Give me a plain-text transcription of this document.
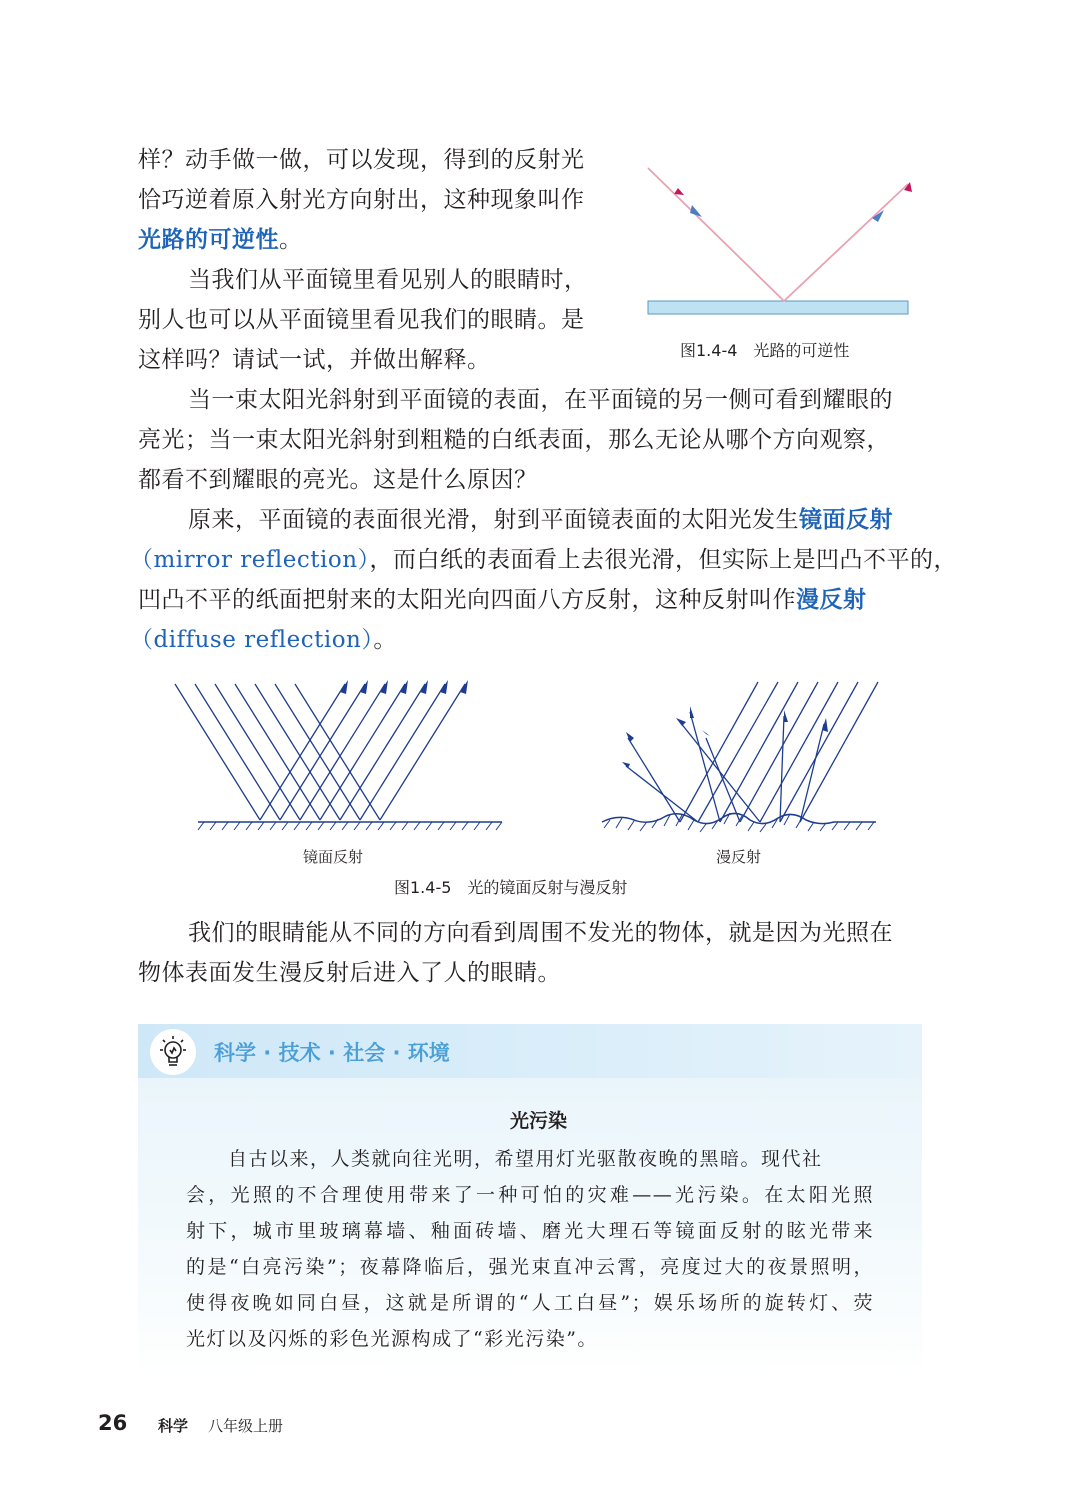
样？动手做一做，可以发现，得到的反射光
恰巧逆着原入射光方向射出，这种现象叫作
光路的可逆性。
当我们从平面镜里看见别人的眼睛时，
别人也可以从平面镜里看见我们的眼睛。是
这样吗？请试一试，并做出解释。	图1.4-4　光路的可逆性
当一束太阳光斜射到平面镜的表面，在平面镜的另一侧可看到耀眼的
亮光；当一束太阳光斜射到粗糙的白纸表面，那么无论从哪个方向观察，
都看不到耀眼的亮光。这是什么原因？
原来，平面镜的表面很光滑，射到平面镜表面的太阳光发生镜面反射
（mirror reflection），而白纸的表面看上去很光滑，但实际上是凹凸不平的，
凹凸不平的纸面把射来的太阳光向四面八方反射，这种反射叫作漫反射
（diffuse reflection）。
镜面反射	漫反射
图1.4-5　光的镜面反射与漫反射
我们的眼睛能从不同的方向看到周围不发光的物体，就是因为光照在
物体表面发生漫反射后进入了人的眼睛。
科学 · 技术 · 社会 · 环境
光污染
自古以来，人类就向往光明，希望用灯光驱散夜晚的黑暗。现代社
会，光照的不合理使用带来了一种可怕的灾难——光污染。在太阳光照
射下，城市里玻璃幕墙、釉面砖墙、磨光大理石等镜面反射的眩光带来
的是“白亮污染”；夜幕降临后，强光束直冲云霄，亮度过大的夜景照明，
使得夜晚如同白昼，这就是所谓的“人工白昼”；娱乐场所的旋转灯、荧
光灯以及闪烁的彩色光源构成了“彩光污染”。
26 科学 八年级上册
